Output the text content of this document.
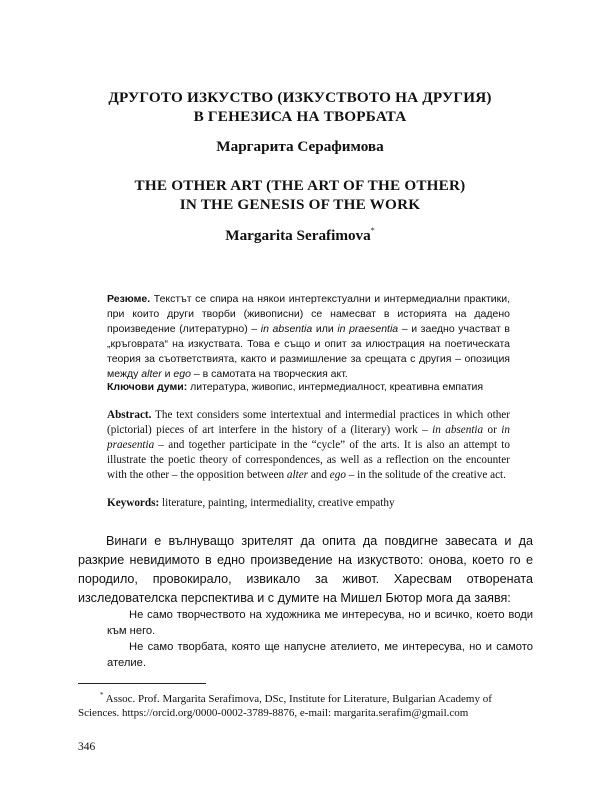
ДРУГОТО ИЗКУСТВО (ИЗКУСТВОТО НА ДРУГИЯ)
В ГЕНЕЗИСА НА ТВОРБАТА
Маргарита Серафимова
THE OTHER ART (THE ART OF THE OTHER)
IN THE GENESIS OF THE WORK
Margarita Serafimova*
Резюме. Текстът се спира на някои интертекстуални и интермедиални практики, при които други творби (живописни) се намесват в историята на дадено произведение (литературно) – in absentia или in praesentia – и заедно участват в „кръговрата“ на изкуствата. Това е също и опит за илюстрация на поетическата теория за съответствията, както и размишление за срещата с другия – опозиция между alter и ego – в самотата на творческия акт.
Ключови думи: литература, живопис, интермедиалност, креативна емпатия
Abstract. The text considers some intertextual and intermedial practices in which other (pictorial) pieces of art interfere in the history of a (literary) work – in absentia or in praesentia – and together participate in the “cycle” of the arts. It is also an attempt to illustrate the poetic theory of correspondences, as well as a reflection on the encounter with the other – the opposition between alter and ego – in the solitude of the creative act.
Keywords: literature, painting, intermediality, creative empathy
Винаги е вълнуващо зрителят да опита да повдигне завесата и да разкрие невидимото в едно произведение на изкуството: онова, което го е породило, провокирало, извикало за живот. Харесвам отворената изследователска перспектива и с думите на Мишел Бютор мога да заявя:
Не само творчеството на художника ме интересува, но и всичко, което води към него.
Не само творбата, която ще напусне ателието, ме интересува, но и самото ателие.
* Assoc. Prof. Margarita Serafimova, DSc, Institute for Literature, Bulgarian Academy of Sciences. https://orcid.org/0000-0002-3789-8876, e-mail: margarita.serafim@gmail.com
346
